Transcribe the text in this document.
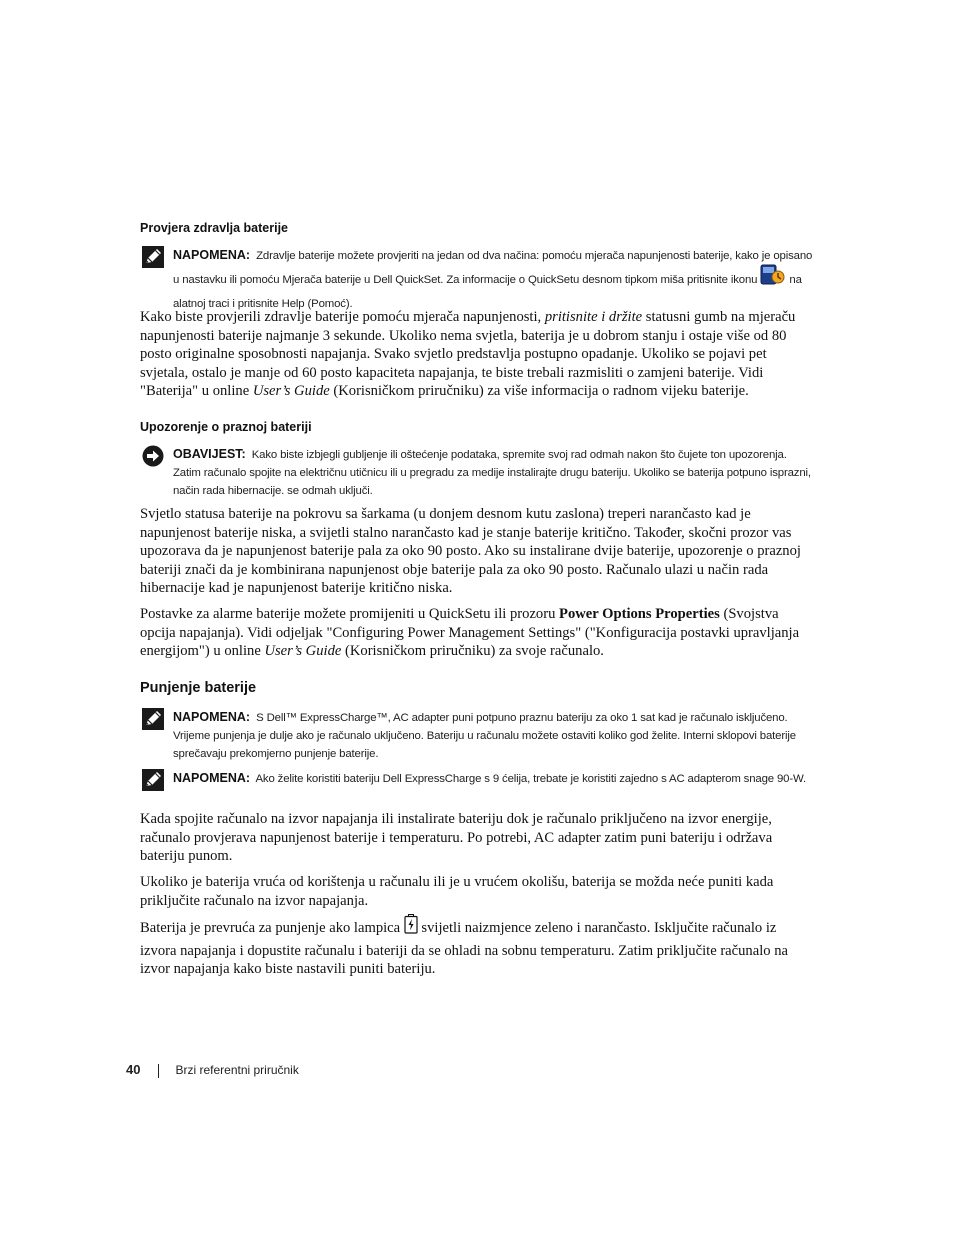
Provjera zdravlja baterije
NAPOMENA: Zdravlje baterije možete provjeriti na jedan od dva načina: pomoću mjerača napunjenosti baterije, kako je opisano u nastavku ili pomoću Mjerača baterije u Dell QuickSet. Za informacije o QuickSetu desnom tipkom miša pritisnite ikonu	na alatnoj traci i pritisnite Help (Pomoć).
Kako biste provjerili zdravlje baterije pomoću mjerača napunjenosti, pritisnite i držite statusni gumb na mjeraču napunjenosti baterije najmanje 3 sekunde. Ukoliko nema svjetla, baterija je u dobrom stanju i ostaje više od 80 posto originalne sposobnosti napajanja. Svako svjetlo predstavlja postupno opadanje. Ukoliko se pojavi pet svjetala, ostalo je manje od 60 posto kapaciteta napajanja, te biste trebali razmisliti o zamjeni baterije. Vidi "Baterija" u online User’s Guide (Korisničkom priručniku) za više informacija o radnom vijeku baterije.
Upozorenje o praznoj bateriji
OBAVIJEST: Kako biste izbjegli gubljenje ili oštećenje podataka, spremite svoj rad odmah nakon što čujete ton upozorenja. Zatim računalo spojite na električnu utičnicu ili u pregradu za medije instalirajte drugu bateriju. Ukoliko se baterija potpuno isprazni, način rada hibernacije. se odmah uključi.
Svjetlo statusa baterije na pokrovu sa šarkama (u donjem desnom kutu zaslona) treperi narančasto kad je napunjenost baterije niska, a svijetli stalno narančasto kad je stanje baterije kritično. Također, skočni prozor vas upozorava da je napunjenost baterije pala za oko 90 posto. Ako su instalirane dvije baterije, upozorenje o praznoj bateriji znači da je kombinirana napunjenost obje baterije pala za oko 90 posto. Računalo ulazi u način rada hibernacije kad je napunjenost baterije kritično niska.
Postavke za alarme baterije možete promijeniti u QuickSetu ili prozoru Power Options Properties (Svojstva opcija napajanja). Vidi odjeljak "Configuring Power Management Settings" ("Konfiguracija postavki upravljanja energijom") u online User’s Guide (Korisničkom priručniku) za svoje računalo.
Punjenje baterije
NAPOMENA: S Dell™ ExpressCharge™, AC adapter puni potpuno praznu bateriju za oko 1 sat kad je računalo isključeno. Vrijeme punjenja je dulje ako je računalo uključeno. Bateriju u računalu možete ostaviti koliko god želite. Interni sklopovi baterije sprečavaju prekomjerno punjenje baterije.
NAPOMENA: Ako želite koristiti bateriju Dell ExpressCharge s 9 ćelija, trebate je koristiti zajedno s AC adapterom snage 90-W.
Kada spojite računalo na izvor napajanja ili instalirate bateriju dok je računalo priključeno na izvor energije, računalo provjerava napunjenost baterije i temperaturu. Po potrebi, AC adapter zatim puni bateriju i održava bateriju punom.
Ukoliko je baterija vruća od korištenja u računalu ili je u vrućem okolišu, baterija se možda neće puniti kada priključite računalo na izvor napajanja.
Baterija je prevruća za punjenje ako lampica  svijetli naizmjence zeleno i narančasto. Isključite računalo iz izvora napajanja i dopustite računalu i bateriji da se ohladi na sobnu temperaturu. Zatim priključite računalo na izvor napajanja kako biste nastavili puniti bateriju.
40	Brzi referentni priručnik
